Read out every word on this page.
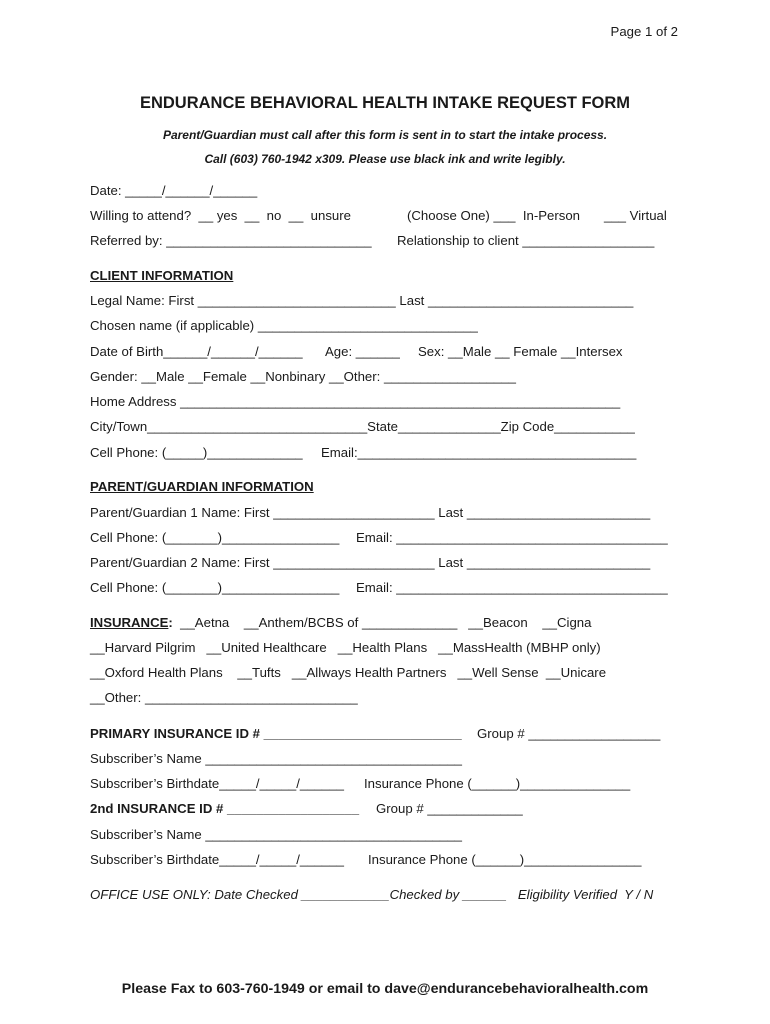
Page 1 of 2
ENDURANCE BEHAVIORAL HEALTH INTAKE REQUEST FORM
Parent/Guardian must call after this form is sent in to start the intake process.
Call (603) 760-1942 x309. Please use black ink and write legibly.
Date: _____/______/______
Willing to attend?  __ yes  __  no  __  unsure	(Choose One) ___  In-Person ___ Virtual
Referred by: ____________________________ Relationship to client __________________
CLIENT INFORMATION
Legal Name: First ___________________________ Last ____________________________
Chosen name (if applicable) ______________________________
Date of Birth______/______/______ Age: ______ Sex: __Male __ Female __Intersex
Gender: __Male __Female __Nonbinary __Other: __________________
Home Address ____________________________________________________________
City/Town______________________________State______________Zip Code___________
Cell Phone: (_____)_____________ Email:______________________________________
PARENT/GUARDIAN INFORMATION
Parent/Guardian 1 Name: First ______________________ Last _________________________
Cell Phone: (_______)________________ Email: _____________________________________
Parent/Guardian 2 Name: First ______________________ Last _________________________
Cell Phone: (_______)________________ Email: _____________________________________
INSURANCE:  __Aetna    __Anthem/BCBS of _____________   __Beacon    __Cigna
__Harvard Pilgrim   __United Healthcare   __Health Plans   __MassHealth (MBHP only)
__Oxford Health Plans    __Tufts   __Allways Health Partners   __Well Sense  __Unicare
__Other: _____________________________
PRIMARY INSURANCE ID # ___________________________ Group # __________________
Subscriber’s Name ___________________________________
Subscriber’s Birthdate_____/_____/______ Insurance Phone (______)_______________
2nd INSURANCE ID # __________________ Group # _____________
Subscriber’s Name ___________________________________
Subscriber’s Birthdate_____/_____/______ Insurance Phone (______)________________
OFFICE USE ONLY: Date Checked ____________Checked by ______   Eligibility Verified  Y / N
Please Fax to 603-760-1949 or email to dave@endurancebehavioralhealth.com
